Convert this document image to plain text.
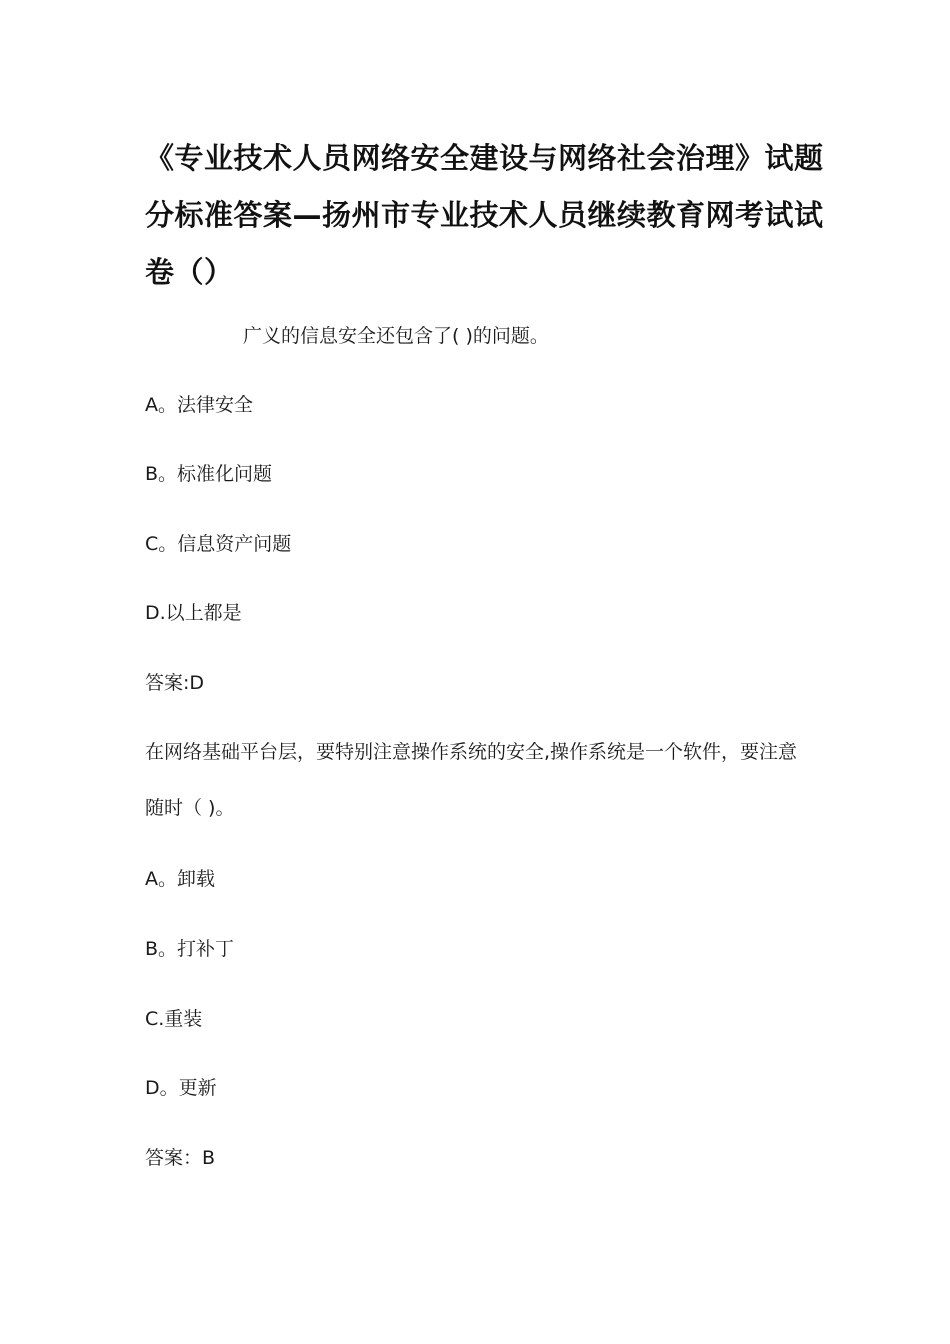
《专业技术人员网络安全建设与网络社会治理》试题分标准答案—扬州市专业技术人员继续教育网考试试卷（）

广义的信息安全还包含了( )的问题。

A。法律安全

B。标准化问题

C。信息资产问题

D.以上都是

答案:D

在网络基础平台层，要特别注意操作系统的安全,操作系统是一个软件，要注意随时（ )。

A。卸载

B。打补丁

C.重装

D。更新

答案：B
